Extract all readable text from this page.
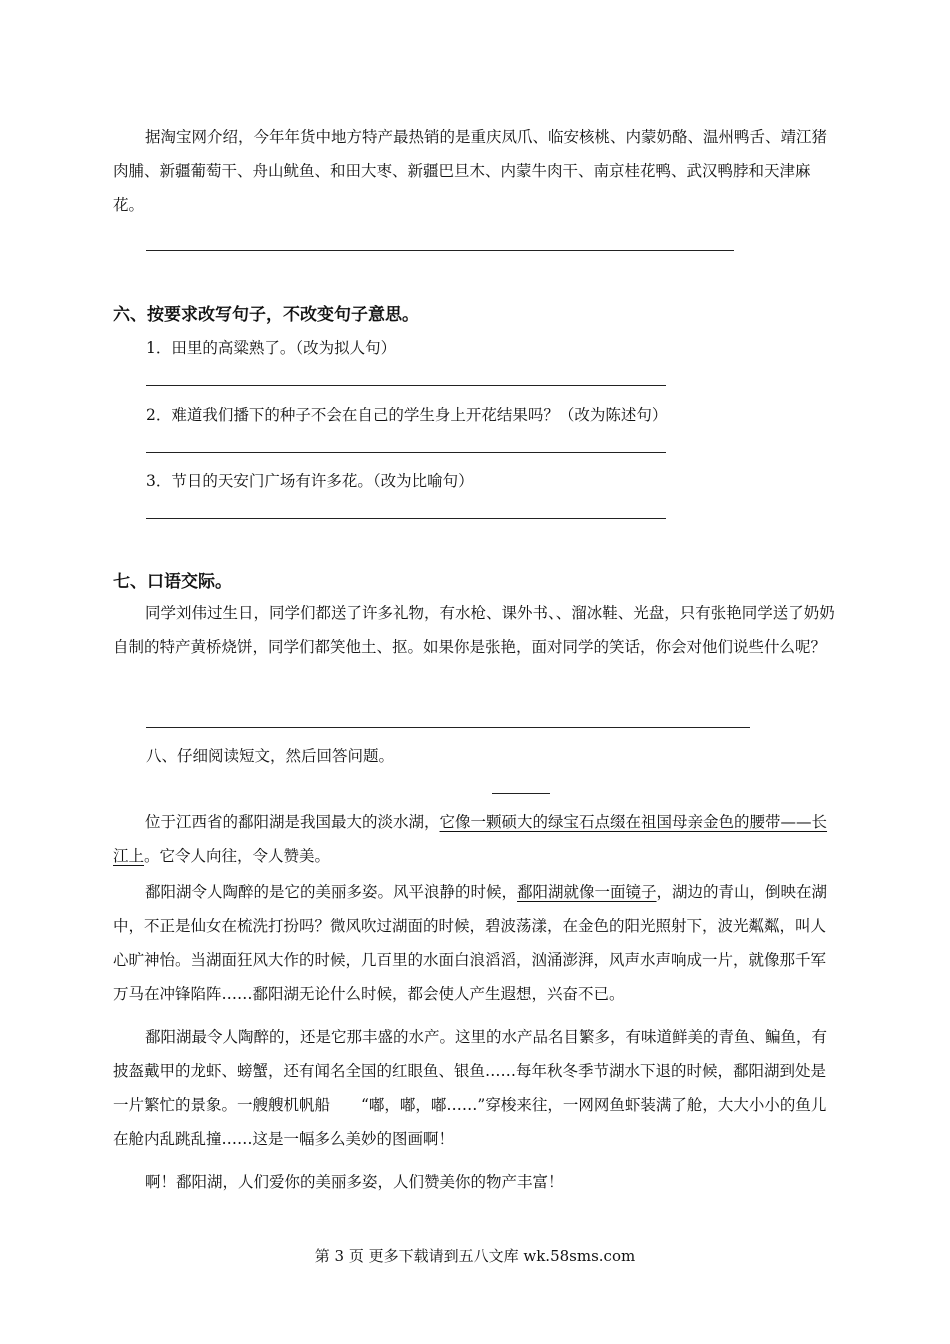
据淘宝网介绍，今年年货中地方特产最热销的是重庆凤爪、临安核桃、内蒙奶酪、温州鸭舌、靖江猪肉脯、新疆葡萄干、舟山鱿鱼、和田大枣、新疆巴旦木、内蒙牛肉干、南京桂花鸭、武汉鸭脖和天津麻花。
六、按要求改写句子，不改变句子意思。
1．田里的高粱熟了。（改为拟人句）
2．难道我们播下的种子不会在自己的学生身上开花结果吗？（改为陈述句）
3．节日的天安门广场有许多花。（改为比喻句）
七、口语交际。
同学刘伟过生日，同学们都送了许多礼物，有水枪、课外书、、溜冰鞋、光盘，只有张艳同学送了奶奶自制的特产黄桥烧饼，同学们都笑他土、抠。如果你是张艳，面对同学的笑话，你会对他们说些什么呢？
八、仔细阅读短文，然后回答问题。
位于江西省的鄱阳湖是我国最大的淡水湖，它像一颗硕大的绿宝石点缀在祖国母亲金色的腰带——长江上。它令人向往，令人赞美。
鄱阳湖令人陶醉的是它的美丽多姿。风平浪静的时候，鄱阳湖就像一面镜子，湖边的青山，倒映在湖中，不正是仙女在梳洗打扮吗？微风吹过湖面的时候，碧波荡漾，在金色的阳光照射下，波光粼粼，叫人心旷神怡。当湖面狂风大作的时候，几百里的水面白浪滔滔，汹涌澎湃，风声水声响成一片，就像那千军万马在冲锋陷阵……鄱阳湖无论什么时候，都会使人产生遐想，兴奋不已。
鄱阳湖最令人陶醉的，还是它那丰盛的水产。这里的水产品名目繁多，有味道鲜美的青鱼、鳊鱼，有披盔戴甲的龙虾、螃蟹，还有闻名全国的红眼鱼、银鱼……每年秋冬季节湖水下退的时候，鄱阳湖到处是一片繁忙的景象。一艘艘机帆船　　“嘟，嘟，嘟……”穿梭来往，一网网鱼虾装满了舱，大大小小的鱼儿在舱内乱跳乱撞……这是一幅多么美妙的图画啊！
啊！鄱阳湖，人们爱你的美丽多姿，人们赞美你的物产丰富！
第 3 页 更多下载请到五八文库 wk.58sms.com
